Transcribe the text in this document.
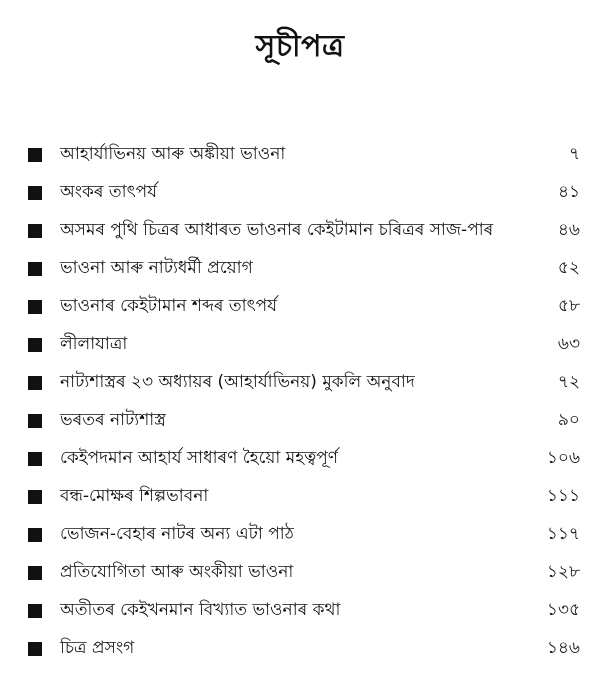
সূচীপত্র
আহাৰ্যাভিনয় আৰু অঙ্কীয়া ভাওনা	৭
অংকৰ তাৎপৰ্য	৪১
অসমৰ পুথি চিত্ৰৰ আধাৰত ভাওনাৰ কেইটামান চৰিত্ৰৰ সাজ-পাৰ	৪৬
ভাওনা আৰু নাট্যধৰ্মী প্ৰয়োগ	৫২
ভাওনাৰ কেইটামান শব্দৰ তাৎপৰ্য	৫৮
লীলাযাত্ৰা	৬৩
নাট্যশাস্ত্ৰৰ ২৩ অধ্যায়ৰ (আহাৰ্যাভিনয়) মুকলি অনুবাদ	৭২
ভৰতৰ নাট্যশাস্ত্ৰ	৯০
কেইপদমান আহাৰ্য সাধাৰণ হৈয়ো মহত্বপূৰ্ণ	১০৬
বন্ধ-মোক্ষৰ শিল্পভাবনা	১১১
ভোজন-বেহাৰ নাটৰ অন্য এটা পাঠ	১১৭
প্ৰতিযোগিতা আৰু অংকীয়া ভাওনা	১২৮
অতীতৰ কেইখনমান বিখ্যাত ভাওনাৰ কথা	১৩৫
চিত্ৰ প্ৰসংগ	১৪৬
